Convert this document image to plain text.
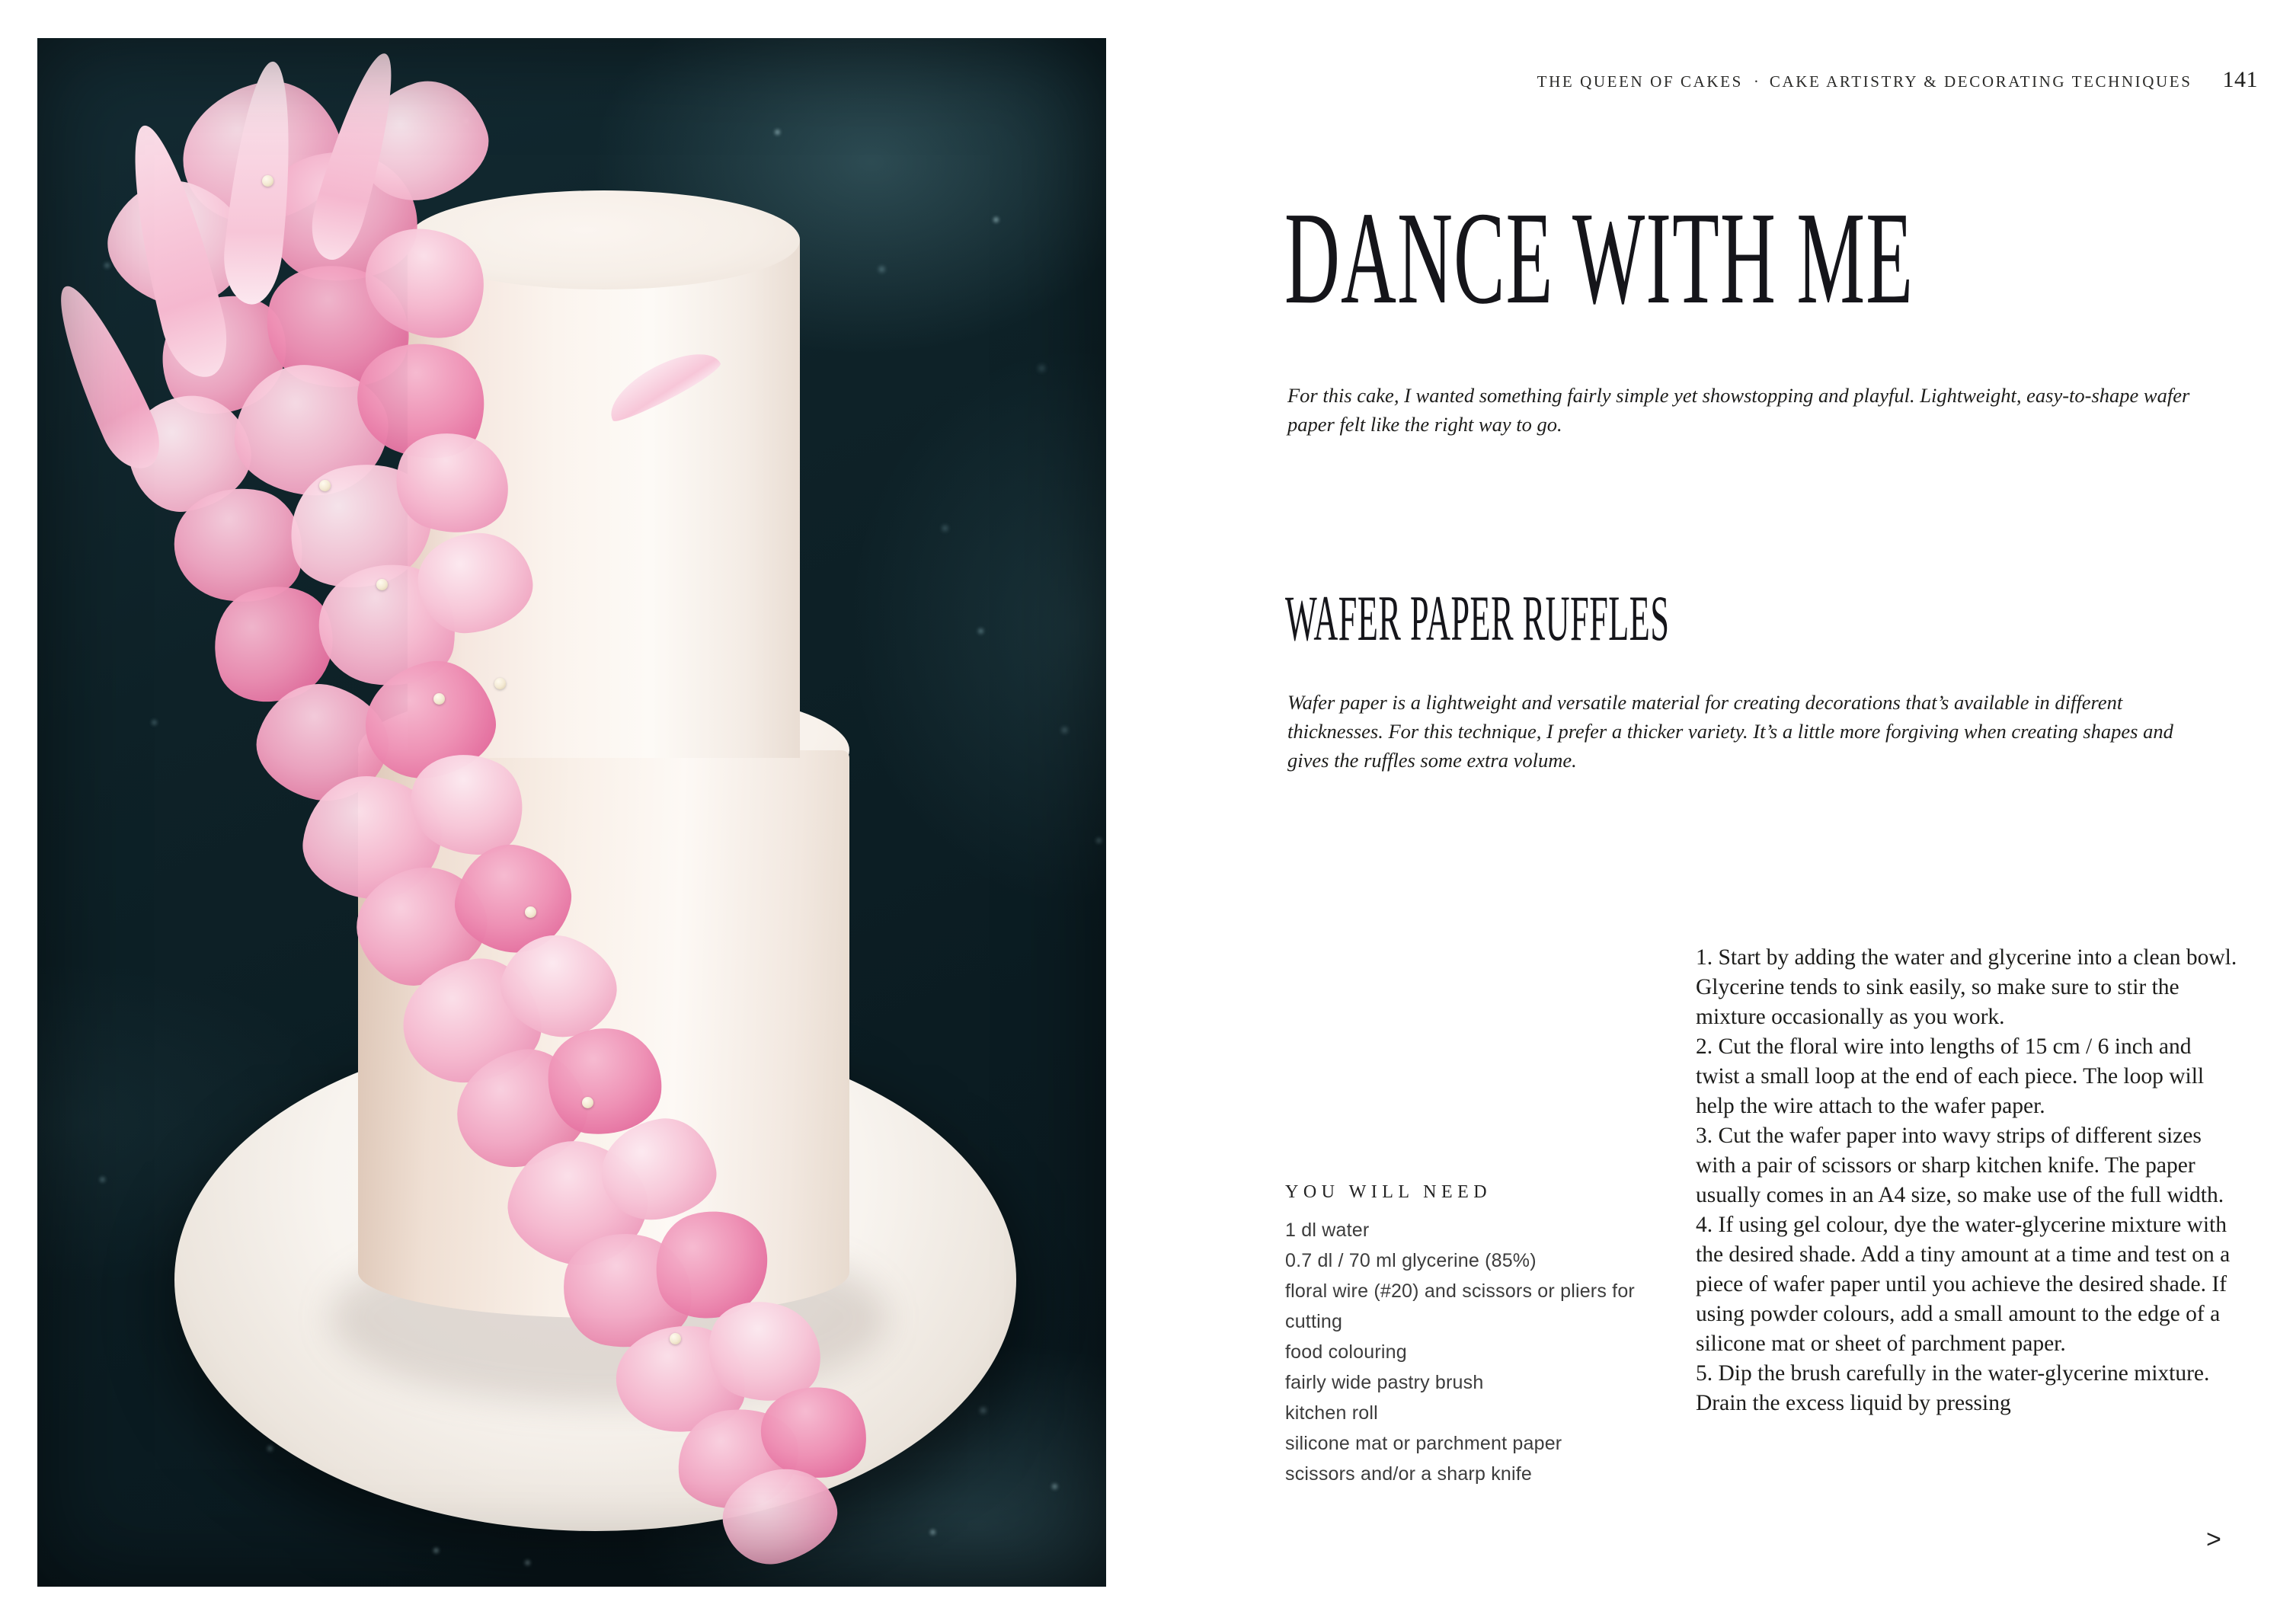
THE QUEEN OF CAKES · CAKE ARTISTRY & DECORATING TECHNIQUES 141
DANCE WITH ME

For this cake, I wanted something fairly simple yet showstopping and playful. Lightweight, easy-to-shape wafer paper felt like the right way to go.

WAFER PAPER RUFFLES

Wafer paper is a lightweight and versatile material for creating decorations that’s available in different thicknesses. For this technique, I prefer a thicker variety. It’s a little more forgiving when creating shapes and gives the ruffles some extra volume.

YOU WILL NEED
1 dl water
0.7 dl / 70 ml glycerine (85%)
floral wire (#20) and scissors or pliers for cutting
food colouring
fairly wide pastry brush
kitchen roll
silicone mat or parchment paper
scissors and/or a sharp knife

1. Start by adding the water and glycerine into a clean bowl. Glycerine tends to sink easily, so make sure to stir the mixture occasionally as you work.

2. Cut the floral wire into lengths of 15 cm / 6 inch and twist a small loop at the end of each piece. The loop will help the wire attach to the wafer paper.

3. Cut the wafer paper into wavy strips of different sizes with a pair of scissors or sharp kitchen knife. The paper usually comes in an A4 size, so make use of the full width.

4. If using gel colour, dye the water-glycerine mixture with the desired shade. Add a tiny amount at a time and test on a piece of wafer paper until you achieve the desired shade. If using powder colours, add a small amount to the edge of a silicone mat or sheet of parchment paper.

5. Dip the brush carefully in the water-glycerine mixture. Drain the excess liquid by pressing

>
